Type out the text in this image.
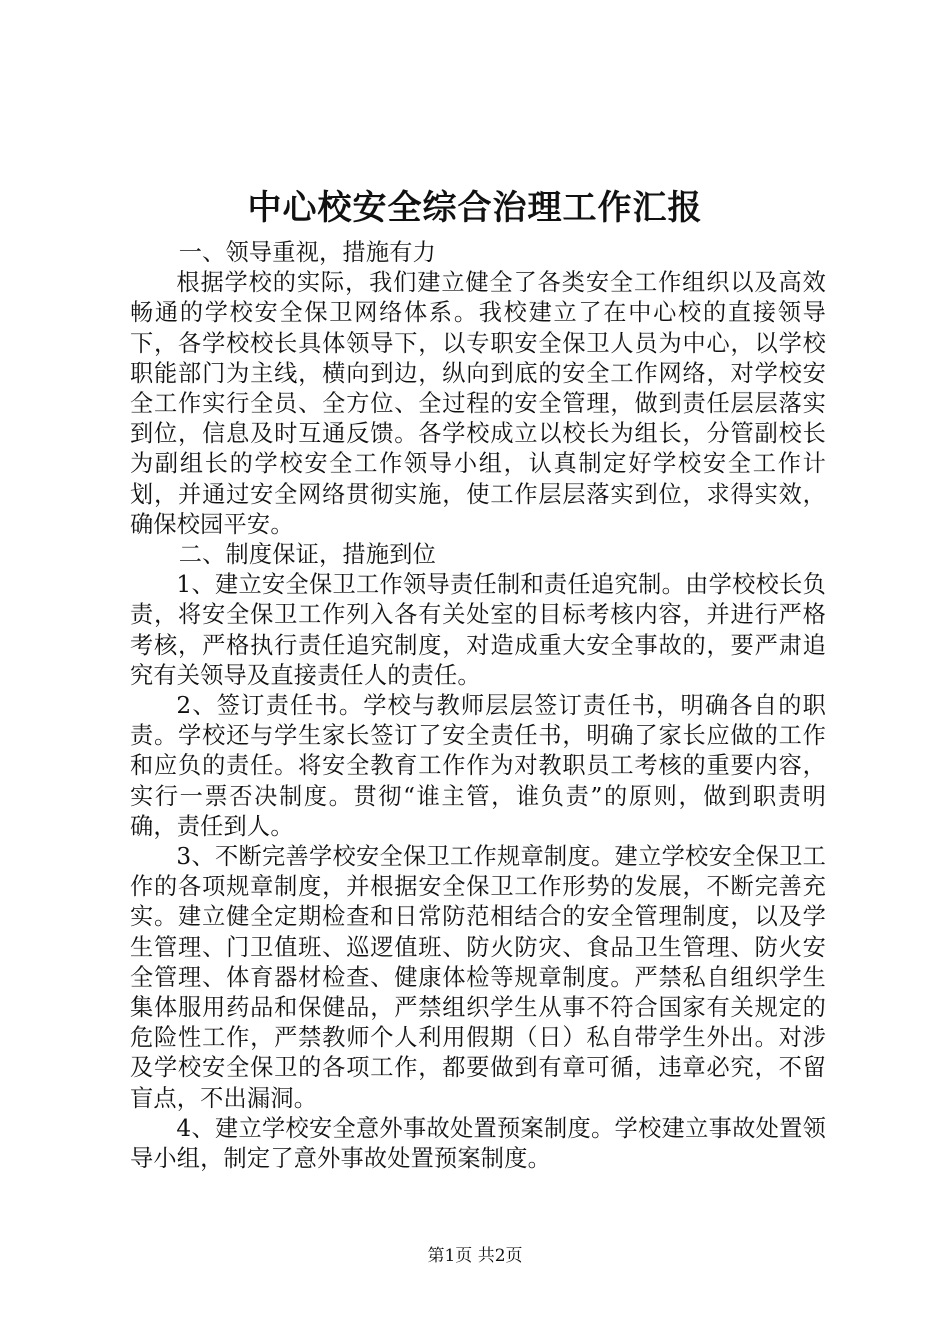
中心校安全综合治理工作汇报

一、领导重视，措施有力

根据学校的实际，我们建立健全了各类安全工作组织以及高效畅通的学校安全保卫网络体系。我校建立了在中心校的直接领导下，各学校校长具体领导下，以专职安全保卫人员为中心，以学校职能部门为主线，横向到边，纵向到底的安全工作网络，对学校安全工作实行全员、全方位、全过程的安全管理，做到责任层层落实到位，信息及时互通反馈。各学校成立以校长为组长，分管副校长为副组长的学校安全工作领导小组，认真制定好学校安全工作计划，并通过安全网络贯彻实施，使工作层层落实到位，求得实效，确保校园平安。

二、制度保证，措施到位

1、建立安全保卫工作领导责任制和责任追究制。由学校校长负责，将安全保卫工作列入各有关处室的目标考核内容，并进行严格考核，严格执行责任追究制度，对造成重大安全事故的，要严肃追究有关领导及直接责任人的责任。

2、签订责任书。学校与教师层层签订责任书，明确各自的职责。学校还与学生家长签订了安全责任书，明确了家长应做的工作和应负的责任。将安全教育工作作为对教职员工考核的重要内容，实行一票否决制度。贯彻“谁主管，谁负责”的原则，做到职责明确，责任到人。

3、不断完善学校安全保卫工作规章制度。建立学校安全保卫工作的各项规章制度，并根据安全保卫工作形势的发展，不断完善充实。建立健全定期检查和日常防范相结合的安全管理制度，以及学生管理、门卫值班、巡逻值班、防火防灾、食品卫生管理、防火安全管理、体育器材检查、健康体检等规章制度。严禁私自组织学生集体服用药品和保健品，严禁组织学生从事不符合国家有关规定的危险性工作，严禁教师个人利用假期（日）私自带学生外出。对涉及学校安全保卫的各项工作，都要做到有章可循，违章必究，不留盲点，不出漏洞。

4、建立学校安全意外事故处置预案制度。学校建立事故处置领导小组，制定了意外事故处置预案制度。

第1页 共2页
